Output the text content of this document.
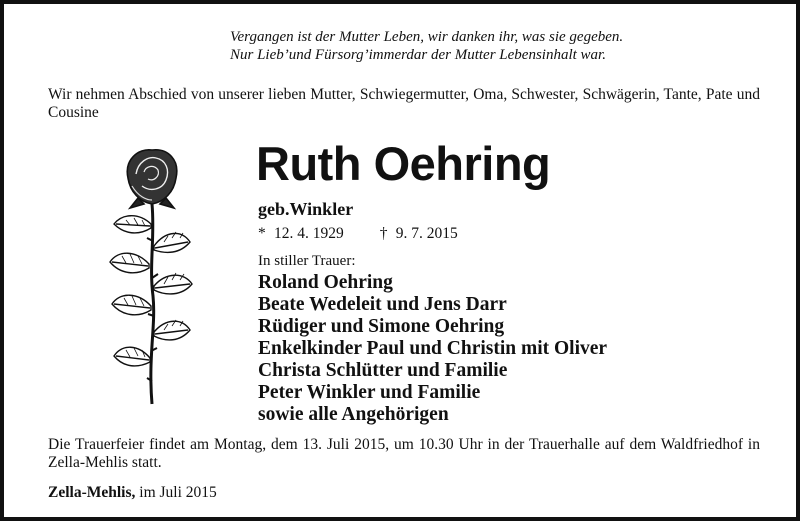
Vergangen ist der Mutter Leben, wir danken ihr, was sie gegeben.
Nur Lieb’und Fürsorg’immerdar der Mutter Lebensinhalt war.
Wir nehmen Abschied von unserer lieben Mutter, Schwiegermutter, Oma, Schwester, Schwägerin, Tante, Pate und Cousine
Ruth Oehring
geb.Winkler
* 12. 4. 1929 † 9. 7. 2015
In stiller Trauer:
Roland Oehring
Beate Wedeleit und Jens Darr
Rüdiger und Simone Oehring
Enkelkinder Paul und Christin mit Oliver
Christa Schlütter und Familie
Peter Winkler und Familie
sowie alle Angehörigen
Die Trauerfeier findet am Montag, dem 13. Juli 2015, um 10.30 Uhr in der Trauerhalle auf dem Waldfriedhof in Zella-Mehlis statt.
Zella-Mehlis, im Juli 2015
